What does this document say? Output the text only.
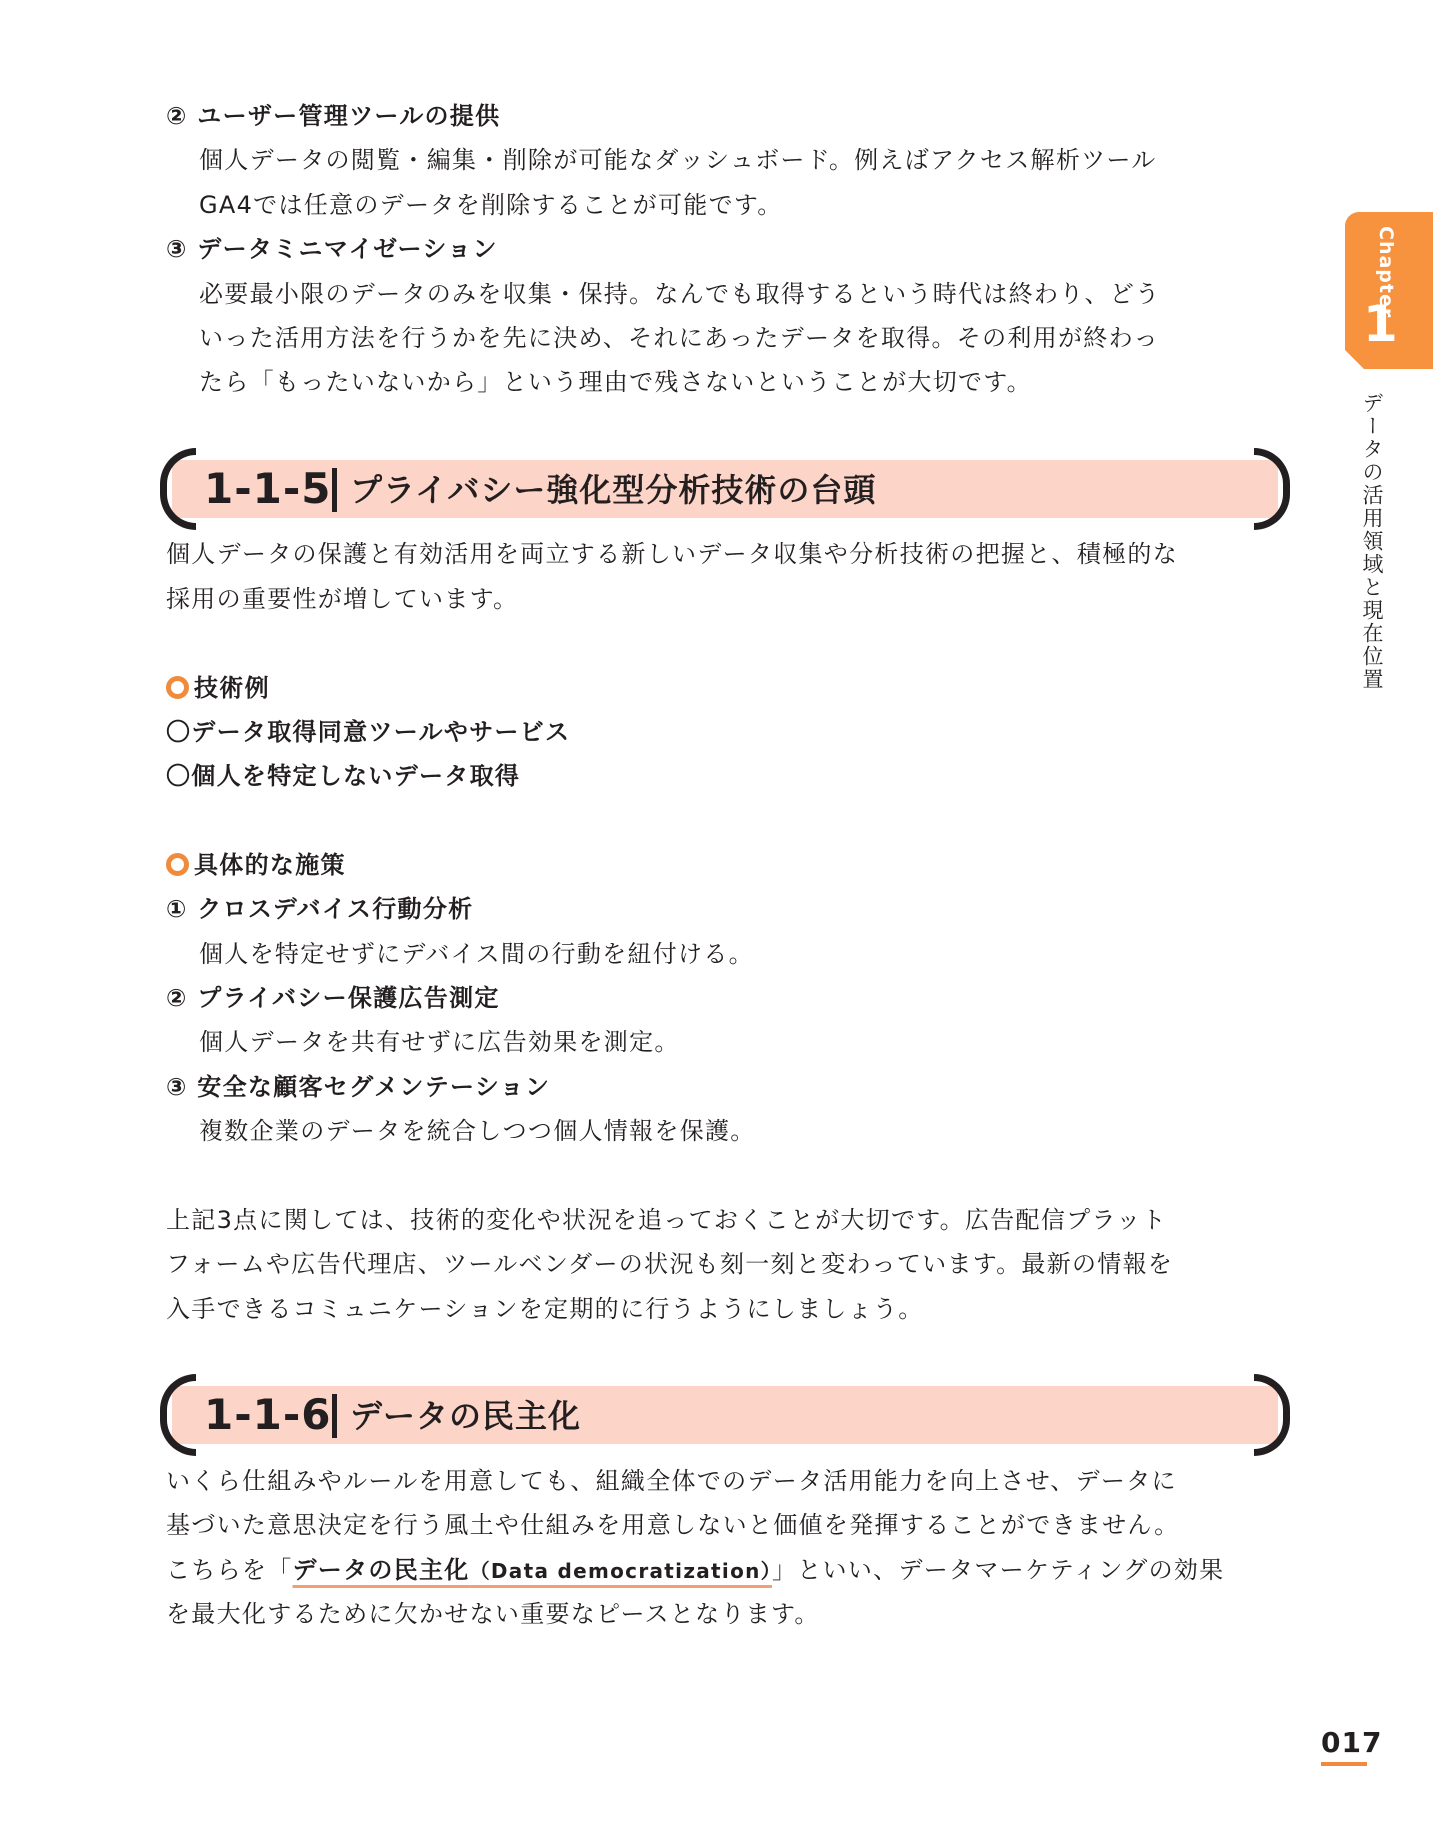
② ユーザー管理ツールの提供
個人データの閲覧・編集・削除が可能なダッシュボード。例えばアクセス解析ツール
GA4では任意のデータを削除することが可能です。
③ データミニマイゼーション
必要最小限のデータのみを収集・保持。なんでも取得するという時代は終わり、どう
いった活用方法を行うかを先に決め、それにあったデータを取得。その利用が終わっ
たら「もったいないから」という理由で残さないということが大切です。
1-1-5 プライバシー強化型分析技術の台頭
個人データの保護と有効活用を両立する新しいデータ収集や分析技術の把握と、積極的な
採用の重要性が増しています。
技術例
〇データ取得同意ツールやサービス
〇個人を特定しないデータ取得
具体的な施策
① クロスデバイス行動分析
個人を特定せずにデバイス間の行動を紐付ける。
② プライバシー保護広告測定
個人データを共有せずに広告効果を測定。
③ 安全な顧客セグメンテーション
複数企業のデータを統合しつつ個人情報を保護。
上記3点に関しては、技術的変化や状況を追っておくことが大切です。広告配信プラット
フォームや広告代理店、ツールベンダーの状況も刻一刻と変わっています。最新の情報を
入手できるコミュニケーションを定期的に行うようにしましょう。
1-1-6 データの民主化
いくら仕組みやルールを用意しても、組織全体でのデータ活用能力を向上させ、データに
基づいた意思決定を行う風土や仕組みを用意しないと価値を発揮することができません。
こちらを「データの民主化（Data democratization）」といい、データマーケティングの効果
を最大化するために欠かせない重要なピースとなります。
Chapter
1
データの活用領域と現在位置
017
